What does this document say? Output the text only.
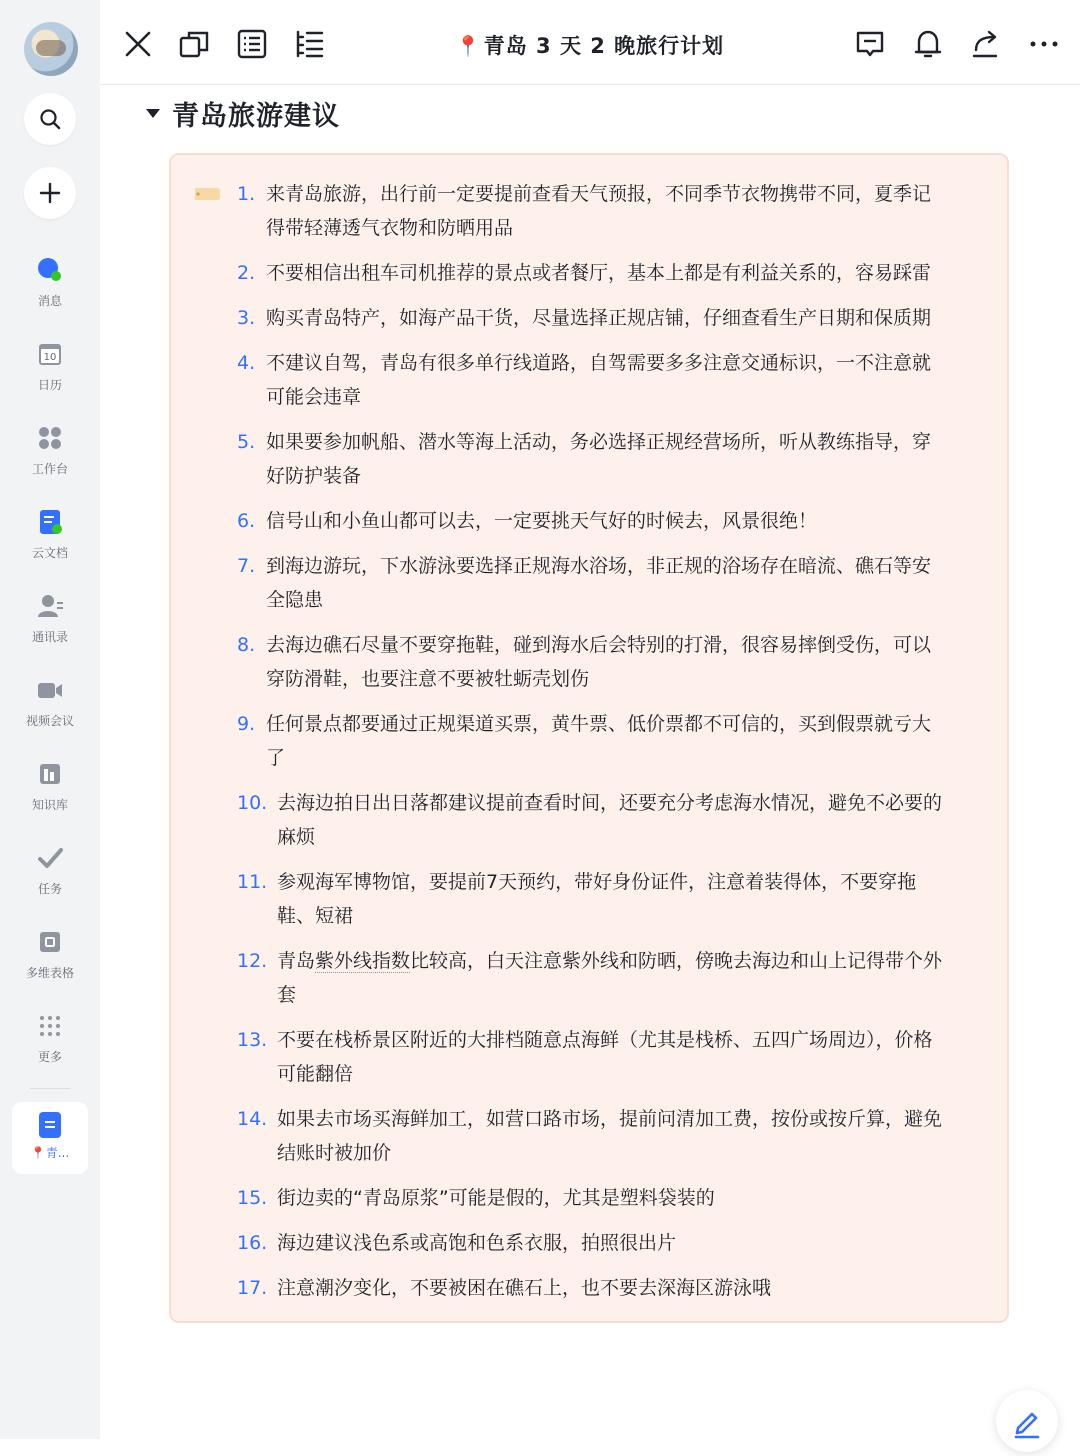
消息
10
日历
工作台
云文档
通讯录
视频会议
知识库
任务
多维表格
更多
📍青...
📍青岛 3 天 2 晚旅行计划
青岛旅游建议
1. 来青岛旅游，出行前一定要提前查看天气预报，不同季节衣物携带不同，夏季记
得带轻薄透气衣物和防晒用品
2. 不要相信出租车司机推荐的景点或者餐厅，基本上都是有利益关系的，容易踩雷
3. 购买青岛特产，如海产品干货，尽量选择正规店铺，仔细查看生产日期和保质期
4. 不建议自驾，青岛有很多单行线道路，自驾需要多多注意交通标识，一不注意就
可能会违章
5. 如果要参加帆船、潜水等海上活动，务必选择正规经营场所，听从教练指导，穿
好防护装备
6. 信号山和小鱼山都可以去，一定要挑天气好的时候去，风景很绝！
7. 到海边游玩，下水游泳要选择正规海水浴场，非正规的浴场存在暗流、礁石等安
全隐患
8. 去海边礁石尽量不要穿拖鞋，碰到海水后会特别的打滑，很容易摔倒受伤，可以
穿防滑鞋，也要注意不要被牡蛎壳划伤
9. 任何景点都要通过正规渠道买票，黄牛票、低价票都不可信的，买到假票就亏大
了
10. 去海边拍日出日落都建议提前查看时间，还要充分考虑海水情况，避免不必要的
麻烦
11. 参观海军博物馆，要提前7天预约，带好身份证件，注意着装得体，不要穿拖
鞋、短裙
12. 青岛紫外线指数比较高，白天注意紫外线和防晒，傍晚去海边和山上记得带个外
套
13. 不要在栈桥景区附近的大排档随意点海鲜（尤其是栈桥、五四广场周边），价格
可能翻倍
14. 如果去市场买海鲜加工，如营口路市场，提前问清加工费，按份或按斤算，避免
结账时被加价
15. 街边卖的“青岛原浆”可能是假的，尤其是塑料袋装的
16. 海边建议浅色系或高饱和色系衣服，拍照很出片
17. 注意潮汐变化，不要被困在礁石上，也不要去深海区游泳哦
